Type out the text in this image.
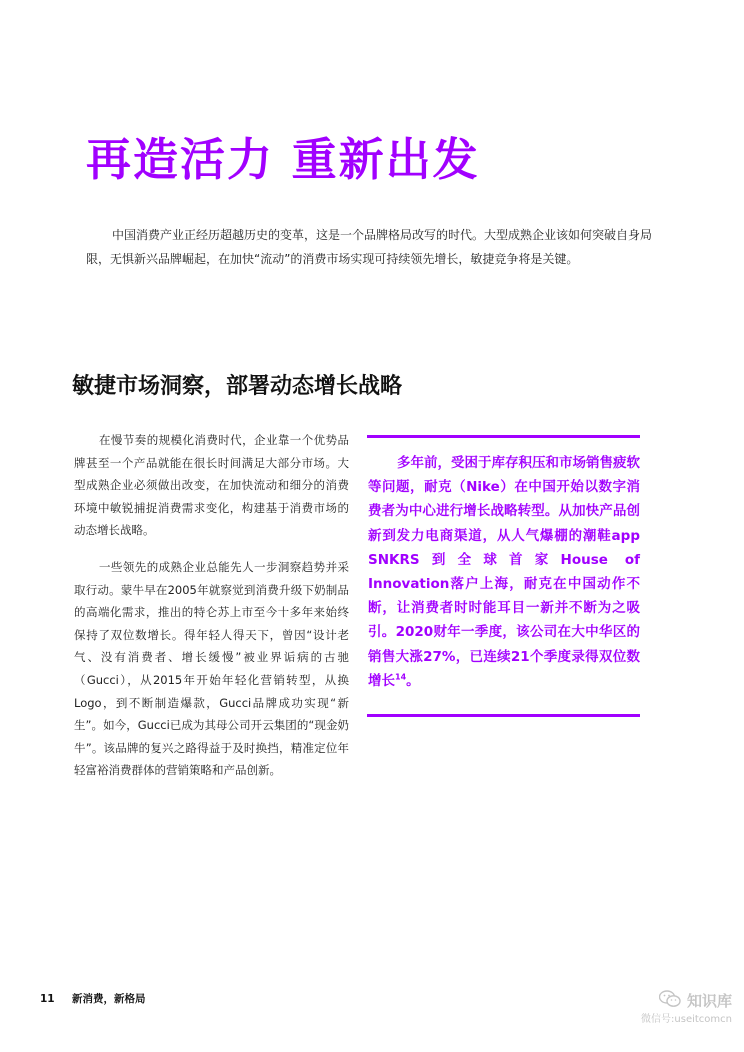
再造活力 重新出发

中国消费产业正经历超越历史的变革，这是一个品牌格局改写的时代。大型成熟企业该如何突破自身局限，无惧新兴品牌崛起，在加快“流动”的消费市场实现可持续领先增长，敏捷竞争将是关键。

敏捷市场洞察，部署动态增长战略

在慢节奏的规模化消费时代，企业靠一个优势品牌甚至一个产品就能在很长时间满足大部分市场。大型成熟企业必须做出改变，在加快流动和细分的消费环境中敏锐捕捉消费需求变化，构建基于消费市场的动态增长战略。

一些领先的成熟企业总能先人一步洞察趋势并采取行动。蒙牛早在2005年就察觉到消费升级下奶制品的高端化需求，推出的特仑苏上市至今十多年来始终保持了双位数增长。得年轻人得天下，曾因“设计老气、没有消费者、增长缓慢”被业界诟病的古驰（Gucci），从2015年开始年轻化营销转型，从换Logo，到不断制造爆款，Gucci品牌成功实现“新生”。如今，Gucci已成为其母公司开云集团的“现金奶牛”。该品牌的复兴之路得益于及时换挡，精准定位年轻富裕消费群体的营销策略和产品创新。

多年前，受困于库存积压和市场销售疲软等问题，耐克（Nike）在中国开始以数字消费者为中心进行增长战略转型。从加快产品创新到发力电商渠道，从人气爆棚的潮鞋app SNKRS到全球首家House of Innovation落户上海，耐克在中国动作不断，让消费者时时能耳目一新并不断为之吸引。2020财年一季度，该公司在大中华区的销售大涨27%，已连续21个季度录得双位数增长$^{14}$。

11 新消费，新格局	知识库
微信号:useitcomcn
